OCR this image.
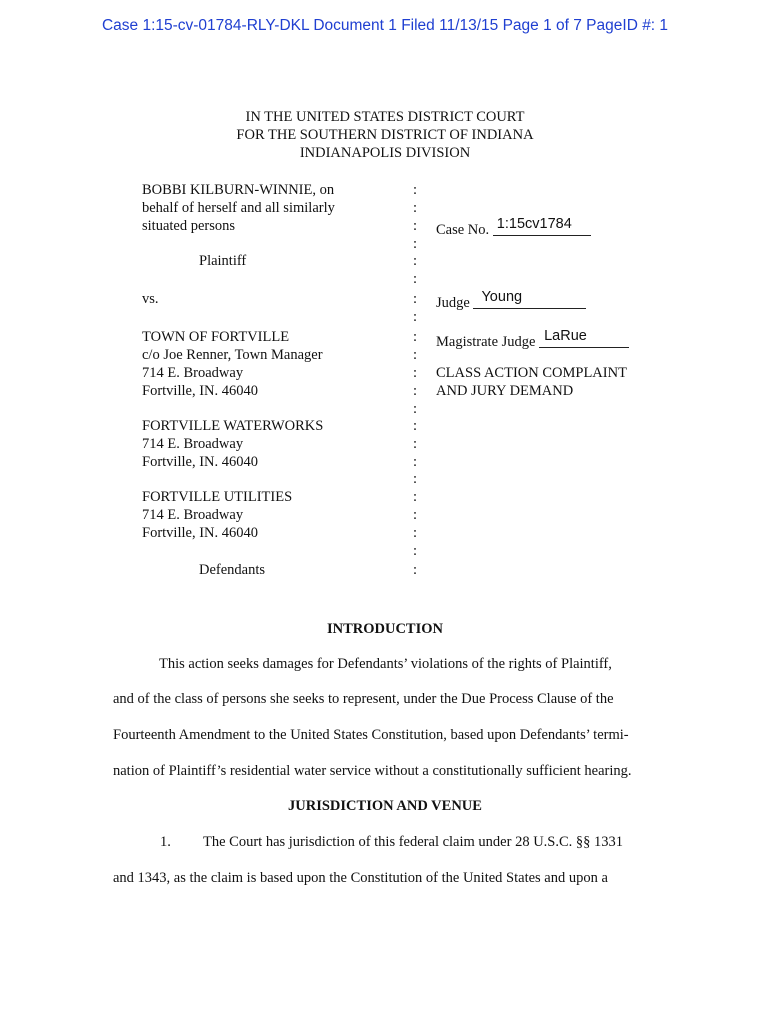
Case 1:15-cv-01784-RLY-DKL Document 1 Filed 11/13/15 Page 1 of 7 PageID #: 1
IN THE UNITED STATES DISTRICT COURT
FOR THE SOUTHERN DISTRICT OF INDIANA
INDIANAPOLIS DIVISION
BOBBI KILBURN-WINNIE, on
behalf of herself and all similarly
situated persons
Plaintiff
vs.
TOWN OF FORTVILLE
c/o Joe Renner, Town Manager
714 E. Broadway
Fortville, IN. 46040
FORTVILLE WATERWORKS
714 E. Broadway
Fortville, IN. 46040
FORTVILLE UTILITIES
714 E. Broadway
Fortville, IN. 46040
Defendants
:
:
:
:
:
:
:
:
:
:
:
:
:
:
:
:
:
:
:
:
:
:
Case No. 1:15cv1784
Judge Young
Magistrate Judge LaRue
CLASS ACTION COMPLAINT
AND JURY DEMAND
INTRODUCTION
This action seeks damages for Defendants’ violations of the rights of Plaintiff,
and of the class of persons she seeks to represent, under the Due Process Clause of the
Fourteenth Amendment to the United States Constitution, based upon Defendants’ termi-
nation of Plaintiff’s residential water service without a constitutionally sufficient hearing.
JURISDICTION AND VENUE
1. The Court has jurisdiction of this federal claim under 28 U.S.C. §§ 1331
and 1343, as the claim is based upon the Constitution of the United States and upon a
